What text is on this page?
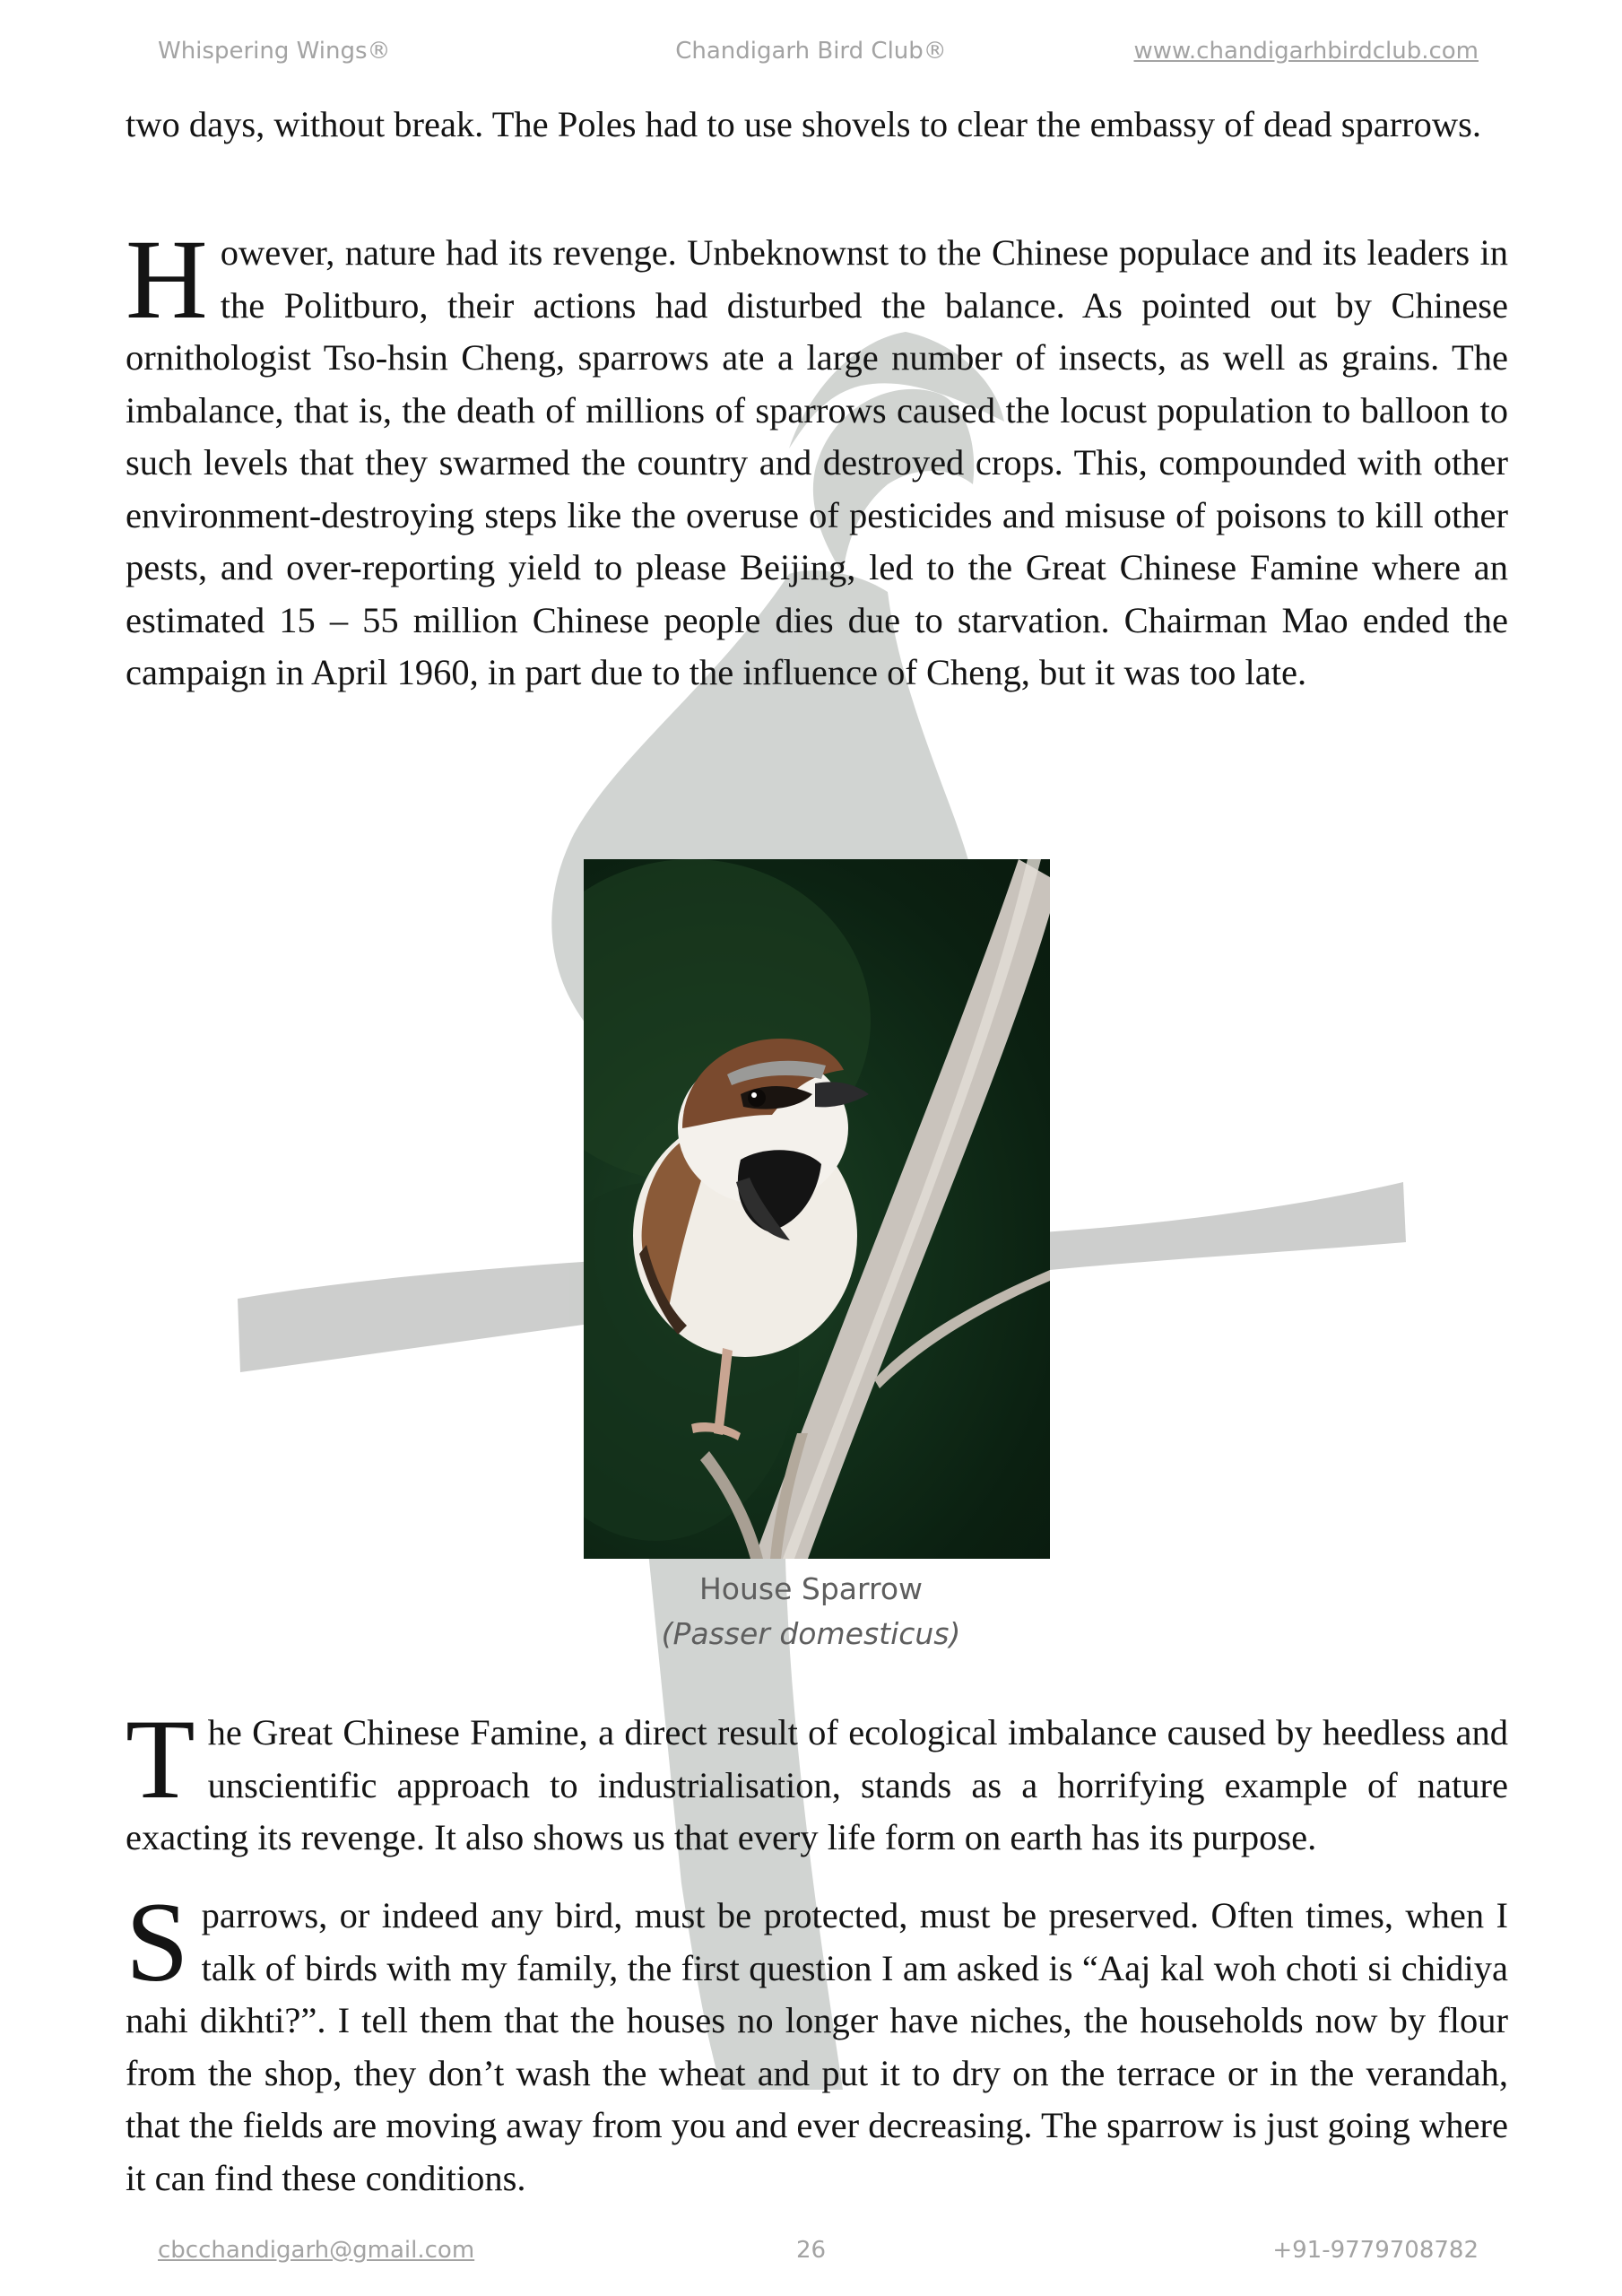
Whispering Wings®	Chandigarh Bird Club®	www.chandigarhbirdclub.com

two days, without break. The Poles had to use shovels to clear the embassy of dead sparrows.

However, nature had its revenge. Unbeknownst to the Chinese populace and its leaders in the Politburo, their actions had disturbed the balance. As pointed out by Chinese ornithologist Tso-hsin Cheng, sparrows ate a large number of insects, as well as grains. The imbalance, that is, the death of millions of sparrows caused the locust population to balloon to such levels that they swarmed the country and destroyed crops. This, compounded with other environment-destroying steps like the overuse of pesticides and misuse of poisons to kill other pests, and over-reporting yield to please Beijing, led to the Great Chinese Famine where an estimated 15 – 55 million Chinese people dies due to starvation. Chairman Mao ended the campaign in April 1960, in part due to the influence of Cheng, but it was too late.

House Sparrow
(Passer domesticus)

The Great Chinese Famine, a direct result of ecological imbalance caused by heedless and unscientific approach to industrialisation, stands as a horrifying example of nature exacting its revenge. It also shows us that every life form on earth has its purpose.

Sparrows, or indeed any bird, must be protected, must be preserved. Often times, when I talk of birds with my family, the first question I am asked is “Aaj kal woh choti si chidiya nahi dikhti?”. I tell them that the houses no longer have niches, the households now by flour from the shop, they don’t wash the wheat and put it to dry on the terrace or in the verandah, that the fields are moving away from you and ever decreasing. The sparrow is just going where it can find these conditions.

cbcchandigarh@gmail.com	26	+91-9779708782
